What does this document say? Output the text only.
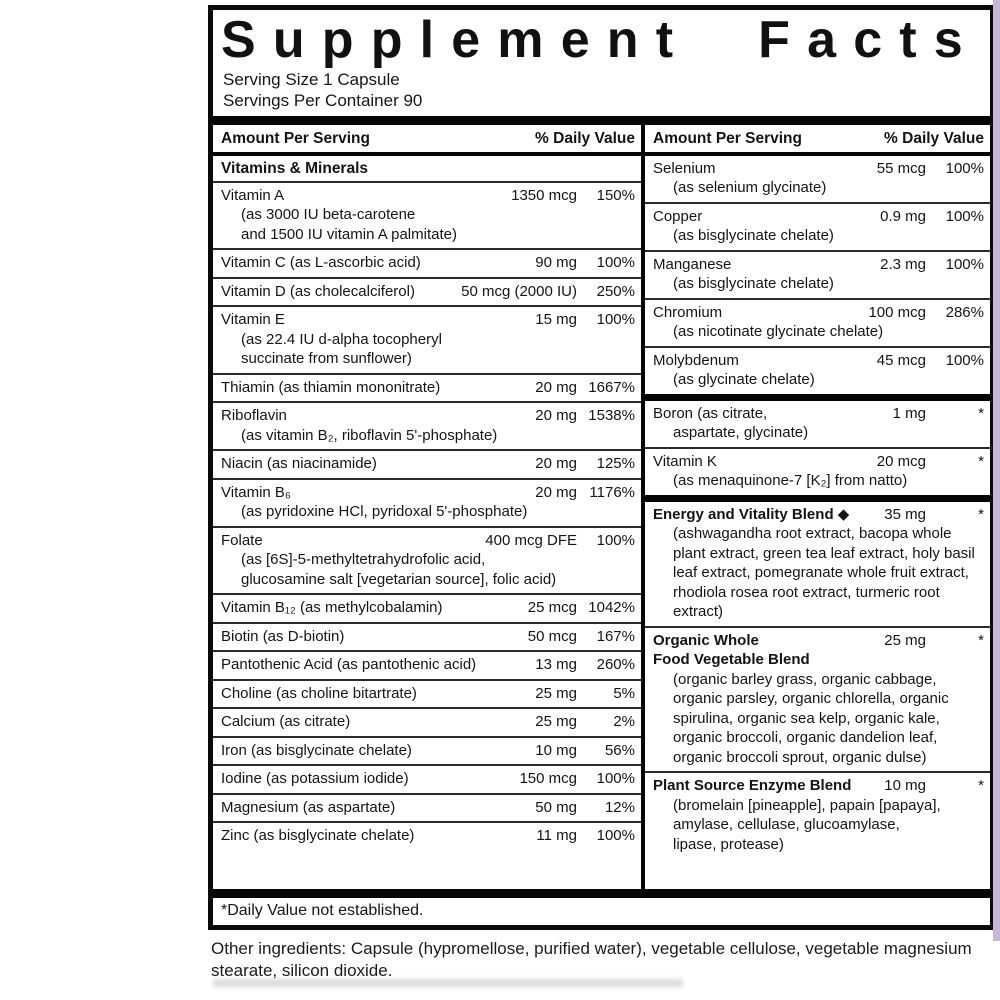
Supplement Facts
Serving Size 1 Capsule
Servings Per Container 90
Amount Per Serving	% Daily Value
Vitamins & Minerals
Vitamin A	1350 mcg	150%
(as 3000 IU beta-carotene
and 1500 IU vitamin A palmitate)
Vitamin C (as L-ascorbic acid)	90 mg	100%
Vitamin D (as cholecalciferol)	50 mcg (2000 IU)	250%
Vitamin E	15 mg	100%
(as 22.4 IU d-alpha tocopheryl
succinate from sunflower)
Thiamin (as thiamin mononitrate)	20 mg 1667%
Riboflavin	20 mg 1538%
(as vitamin B₂, riboflavin 5'-phosphate)
Niacin (as niacinamide)	20 mg	125%
Vitamin B₆	20 mg 1176%
(as pyridoxine HCl, pyridoxal 5'-phosphate)
Folate	400 mcg DFE	100%
(as [6S]-5-methyltetrahydrofolic acid,
glucosamine salt [vegetarian source], folic acid)
Vitamin B₁₂ (as methylcobalamin)	25 mcg 1042%
Biotin (as D-biotin)	50 mcg	167%
Pantothenic Acid (as pantothenic acid)	13 mg	260%
Choline (as choline bitartrate)	25 mg	5%
Calcium (as citrate)	25 mg	2%
Iron (as bisglycinate chelate)	10 mg	56%
Iodine (as potassium iodide)	150 mcg	100%
Magnesium (as aspartate)	50 mg	12%
Zinc (as bisglycinate chelate)	11 mg	100%
Amount Per Serving	% Daily Value
Selenium	55 mcg	100%
(as selenium glycinate)
Copper	0.9 mg	100%
(as bisglycinate chelate)
Manganese	2.3 mg	100%
(as bisglycinate chelate)
Chromium	100 mcg	286%
(as nicotinate glycinate chelate)
Molybdenum	45 mcg	100%
(as glycinate chelate)
Boron (as citrate,	1 mg	*
aspartate, glycinate)
Vitamin K	20 mcg	*
(as menaquinone-7 [K₂] from natto)
Energy and Vitality Blend ◆	35 mg	*
(ashwagandha root extract, bacopa whole
plant extract, green tea leaf extract, holy basil
leaf extract, pomegranate whole fruit extract,
rhodiola rosea root extract, turmeric root
extract)
Organic Whole	25 mg	*
Food Vegetable Blend
(organic barley grass, organic cabbage,
organic parsley, organic chlorella, organic
spirulina, organic sea kelp, organic kale,
organic broccoli, organic dandelion leaf,
organic broccoli sprout, organic dulse)
Plant Source Enzyme Blend	10 mg	*
(bromelain [pineapple], papain [papaya],
amylase, cellulase, glucoamylase,
lipase, protease)
*Daily Value not established.
Other ingredients: Capsule (hypromellose, purified water), vegetable cellulose, vegetable magnesium stearate, silicon dioxide.
